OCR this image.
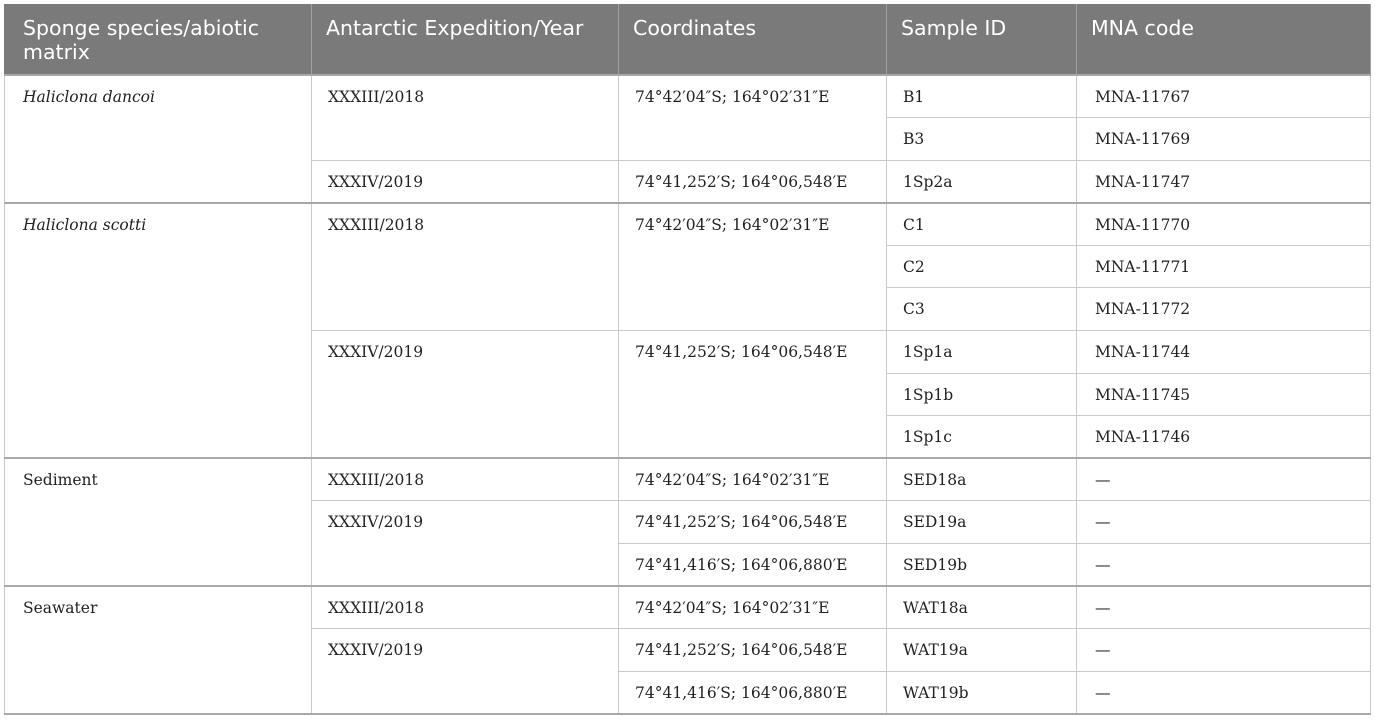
Sponge species/abiotic matrix	Antarctic Expedition/Year	Coordinates	Sample ID	MNA code
Haliclona dancoi	XXXIII/2018	74°42′04″S; 164°02′31″E	B1	MNA-11767
			B3	MNA-11769
	XXXIV/2019	74°41,252′S; 164°06,548′E	1Sp2a	MNA-11747
Haliclona scotti	XXXIII/2018	74°42′04″S; 164°02′31″E	C1	MNA-11770
			C2	MNA-11771
			C3	MNA-11772
	XXXIV/2019	74°41,252′S; 164°06,548′E	1Sp1a	MNA-11744
			1Sp1b	MNA-11745
			1Sp1c	MNA-11746
Sediment	XXXIII/2018	74°42′04″S; 164°02′31″E	SED18a	—
	XXXIV/2019	74°41,252′S; 164°06,548′E	SED19a	—
		74°41,416′S; 164°06,880′E	SED19b	—
Seawater	XXXIII/2018	74°42′04″S; 164°02′31″E	WAT18a	—
	XXXIV/2019	74°41,252′S; 164°06,548′E	WAT19a	—
		74°41,416′S; 164°06,880′E	WAT19b	—
